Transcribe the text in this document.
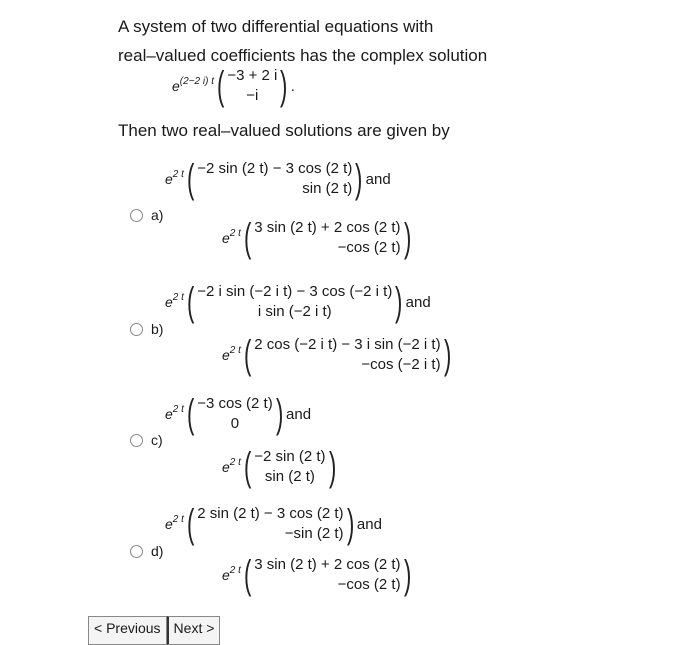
A system of two differential equations with
real–valued coefficients has the complex solution
$e^{(2-2 i) t}$ ( −3 + 2 i
−i ) .
Then two real–valued solutions are given by
a)
$e^{2 t}$ ( −2 sin (2 t) − 3 cos (2 t)
sin (2 t) ) and
$e^{2 t}$ ( 3 sin (2 t) + 2 cos (2 t)
−cos (2 t) )
b)
$e^{2 t}$ ( −2 i sin (−2 i t) − 3 cos (−2 i t)
i sin (−2 i t) ) and
$e^{2 t}$ ( 2 cos (−2 i t) − 3 i sin (−2 i t)
−cos (−2 i t) )
c)
$e^{2 t}$ ( −3 cos (2 t)
0 ) and
$e^{2 t}$ ( −2 sin (2 t)
sin (2 t) )
d)
$e^{2 t}$ ( 2 sin (2 t) − 3 cos (2 t)
−sin (2 t) ) and
$e^{2 t}$ ( 3 sin (2 t) + 2 cos (2 t)
−cos (2 t) )
< Previous Next >
